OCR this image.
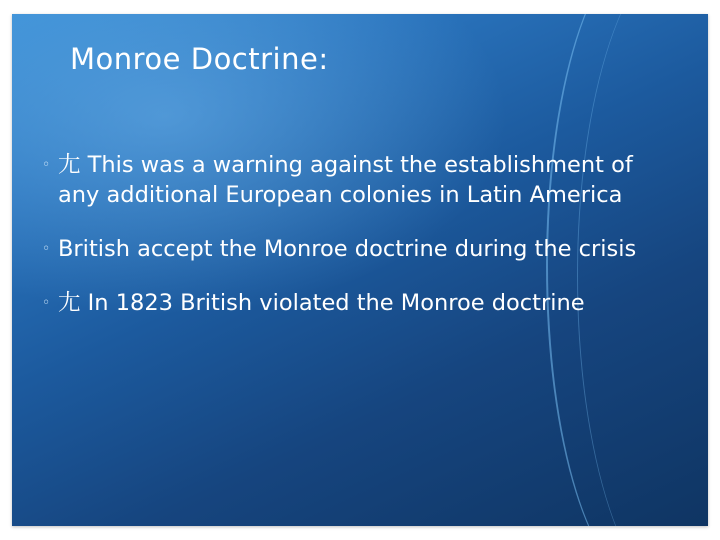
Monroe Doctrine:
◦ ⼪ This was a warning against the establishment of any additional European colonies in Latin America
◦ British accept the Monroe doctrine during the crisis
◦ ⼪ In 1823 British violated the Monroe doctrine
